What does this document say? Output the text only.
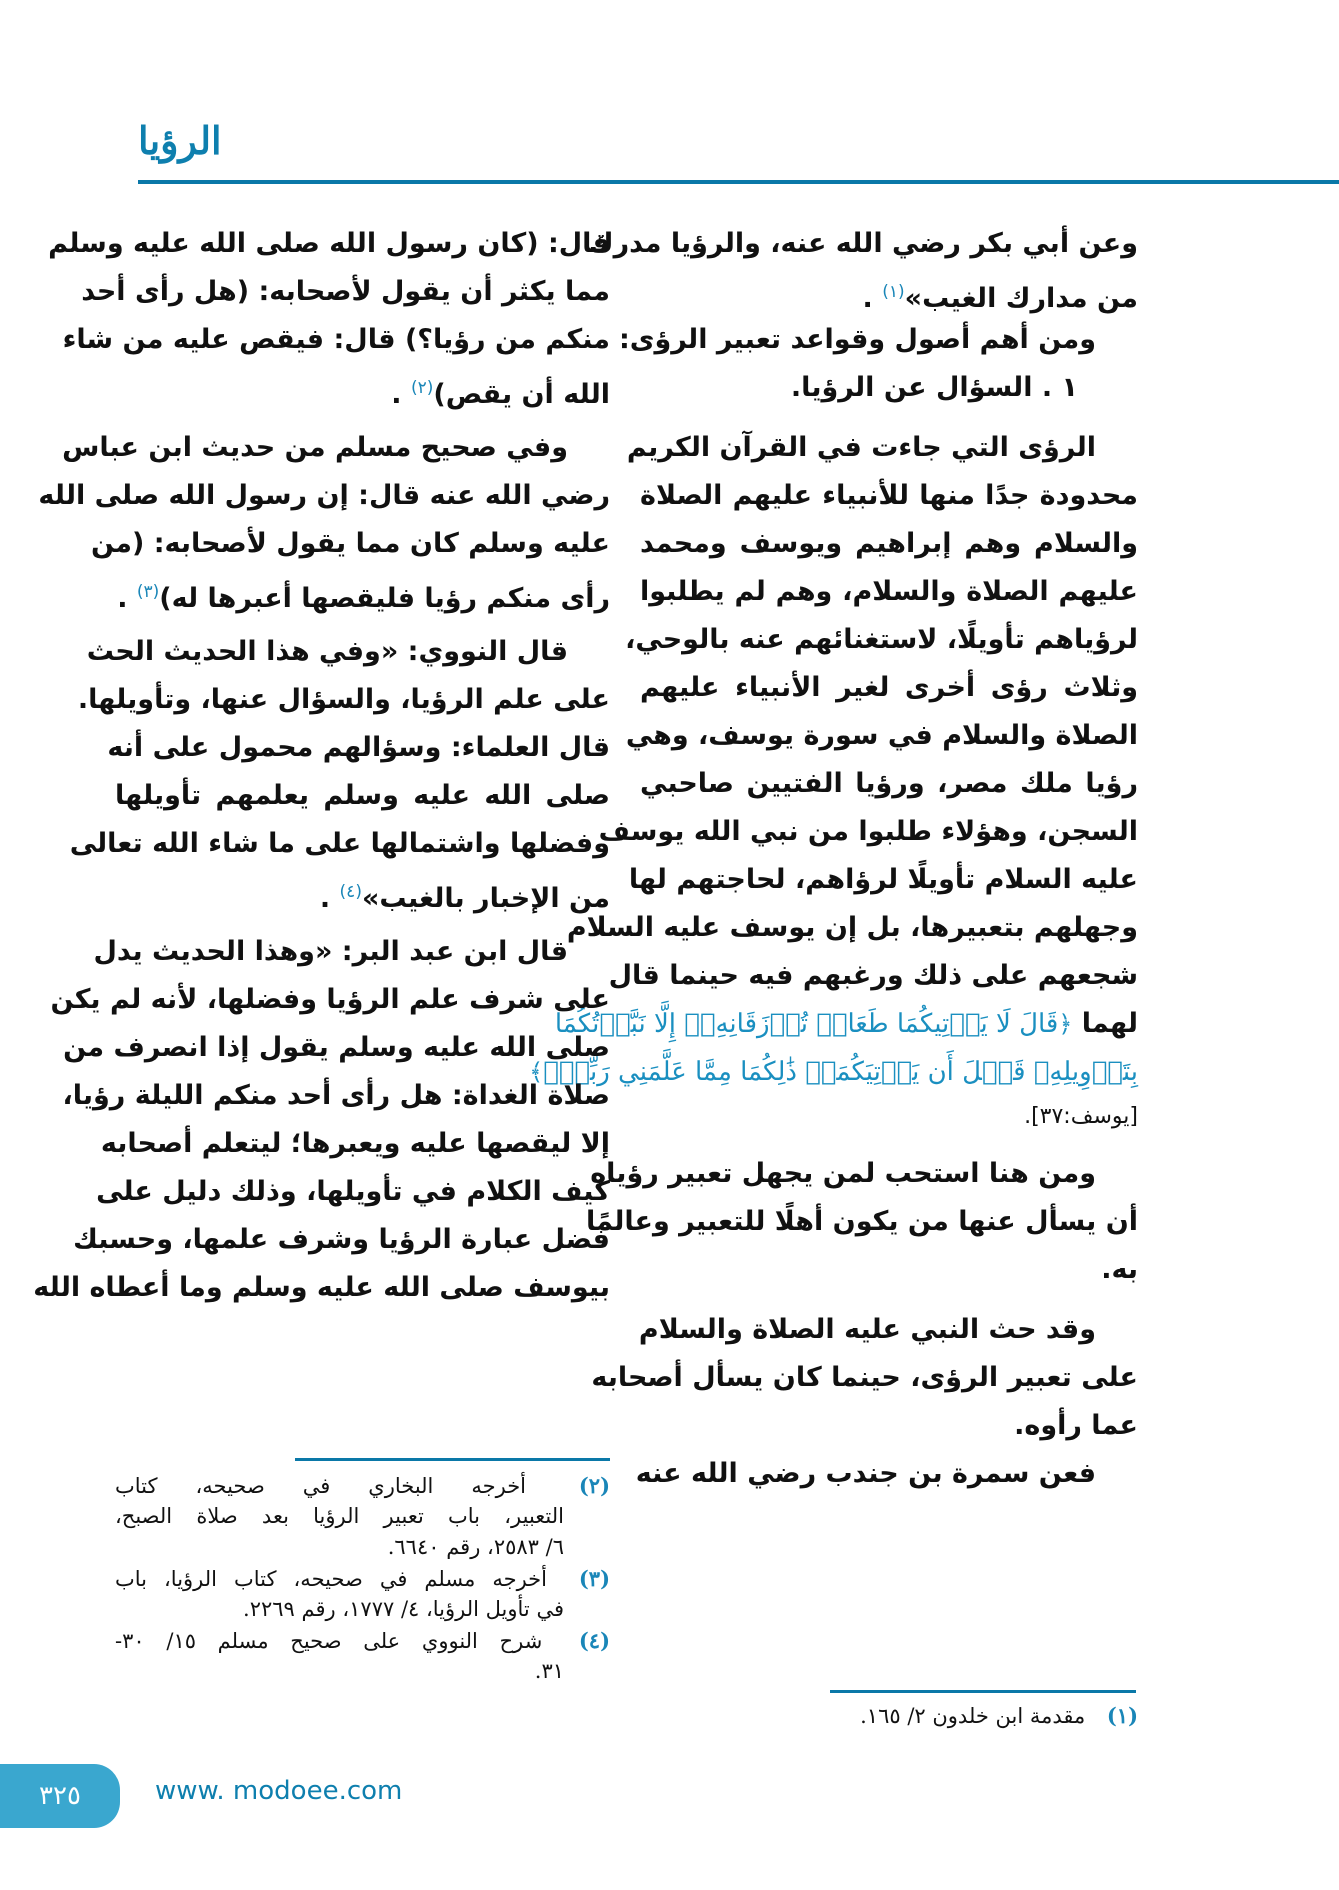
الرؤيا
وعن أبي بكر رضي الله عنه، والرؤيا مدرك
من مدارك الغيب»$^{(١)}$ .
ومن أهم أصول وقواعد تعبير الرؤى:
١ . السؤال عن الرؤيا.
الرؤى التي جاءت في القرآن الكريم
محدودة جدًا منها للأنبياء عليهم الصلاة
والسلام وهم إبراهيم ويوسف ومحمد
عليهم الصلاة والسلام، وهم لم يطلبوا
لرؤياهم تأويلًا، لاستغنائهم عنه بالوحي،
وثلاث رؤى أخرى لغير الأنبياء عليهم
الصلاة والسلام في سورة يوسف، وهي
رؤيا ملك مصر، ورؤيا الفتيين صاحبي
السجن، وهؤلاء طلبوا من نبي الله يوسف
عليه السلام تأويلًا لرؤاهم، لحاجتهم لها
وجهلهم بتعبيرها، بل إن يوسف عليه السلام
شجعهم على ذلك ورغبهم فيه حينما قال
لهما ﴿قَالَ لَا يَأۡتِيكُمَا طَعَامٞ تُرۡزَقَانِهِۦٓ إِلَّا نَبَّأۡتُكُمَا
بِتَأۡوِيلِهِۦ قَبۡلَ أَن يَأۡتِيَكُمَاۚ ذَٰلِكُمَا مِمَّا عَلَّمَنِي رَبِّيٓۚ﴾
[يوسف:٣٧].
ومن هنا استحب لمن يجهل تعبير رؤياه
أن يسأل عنها من يكون أهلًا للتعبير وعالمًا
به.
وقد حث النبي عليه الصلاة والسلام
على تعبير الرؤى، حينما كان يسأل أصحابه
عما رأوه.
فعن سمرة بن جندب رضي الله عنه
(١) مقدمة ابن خلدون ٢/ ١٦٥.
قال: (كان رسول الله صلى الله عليه وسلم
مما يكثر أن يقول لأصحابه: (هل رأى أحد
منكم من رؤيا؟) قال: فيقص عليه من شاء
الله أن يقص)$^{(٢)}$ .
وفي صحيح مسلم من حديث ابن عباس
رضي الله عنه قال: إن رسول الله صلى الله
عليه وسلم كان مما يقول لأصحابه: (من
رأى منكم رؤيا فليقصها أعبرها له)$^{(٣)}$ .
قال النووي: «وفي هذا الحديث الحث
على علم الرؤيا، والسؤال عنها، وتأويلها.
قال العلماء: وسؤالهم محمول على أنه
صلى الله عليه وسلم يعلمهم تأويلها
وفضلها واشتمالها على ما شاء الله تعالى
من الإخبار بالغيب»$^{(٤)}$ .
قال ابن عبد البر: «وهذا الحديث يدل
على شرف علم الرؤيا وفضلها، لأنه لم يكن
صلى الله عليه وسلم يقول إذا انصرف من
صلاة الغداة: هل رأى أحد منكم الليلة رؤيا،
إلا ليقصها عليه ويعبرها؛ ليتعلم أصحابه
كيف الكلام في تأويلها، وذلك دليل على
فضل عبارة الرؤيا وشرف علمها، وحسبك
بيوسف صلى الله عليه وسلم وما أعطاه الله
(٢) أخرجه البخاري في صحيحه، كتاب
التعبير، باب تعبير الرؤيا بعد صلاة الصبح،
٦/ ٢٥٨٣، رقم ٦٦٤٠.
(٣) أخرجه مسلم في صحيحه، كتاب الرؤيا، باب
في تأويل الرؤيا، ٤/ ١٧٧٧، رقم ٢٢٦٩.
(٤) شرح النووي على صحيح مسلم ١٥/ ٣٠-
٣١.
٣٢٥	www. modoee.com
